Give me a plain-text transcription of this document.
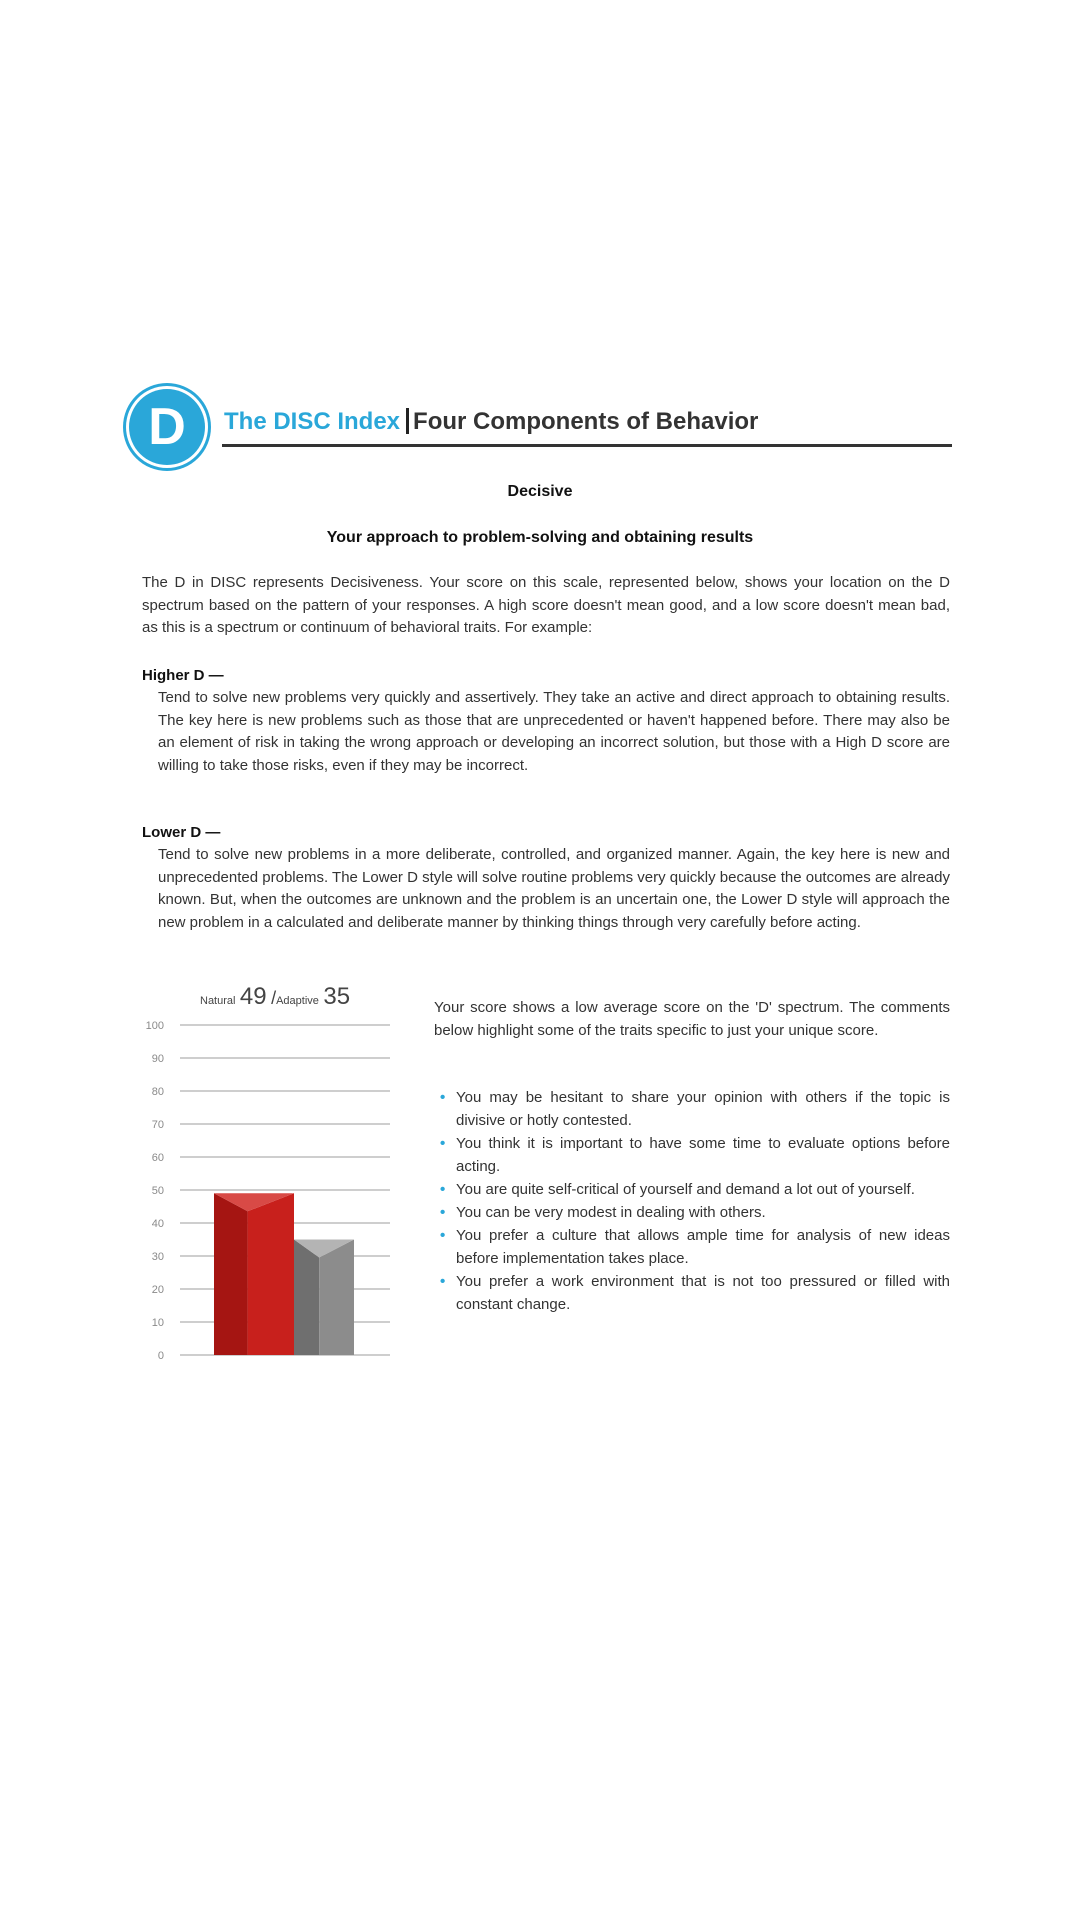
D	The DISC Index Four Components of Behavior
Decisive
Your approach to problem-solving and obtaining results
The D in DISC represents Decisiveness. Your score on this scale, represented below, shows your location on the D spectrum based on the pattern of your responses. A high score doesn't mean good, and a low score doesn't mean bad, as this is a spectrum or continuum of behavioral traits. For example:
Higher D —
Tend to solve new problems very quickly and assertively. They take an active and direct approach to obtaining results. The key here is new problems such as those that are unprecedented or haven't happened before. There may also be an element of risk in taking the wrong approach or developing an incorrect solution, but those with a High D score are willing to take those risks, even if they may be incorrect.
Lower D —
Tend to solve new problems in a more deliberate, controlled, and organized manner. Again, the key here is new and unprecedented problems. The Lower D style will solve routine problems very quickly because the outcomes are already known. But, when the outcomes are unknown and the problem is an uncertain one, the Lower D style will approach the new problem in a calculated and deliberate manner by thinking things through very carefully before acting.
Natural 49 /Adaptive 35
0
10
20
30
40
50
60
70
80
90
100
Your score shows a low average score on the 'D' spectrum. The comments below highlight some of the traits specific to just your unique score.
• You may be hesitant to share your opinion with others if the topic is divisive or hotly contested.
• You think it is important to have some time to evaluate options before acting.
• You are quite self-critical of yourself and demand a lot out of yourself.
• You can be very modest in dealing with others.
• You prefer a culture that allows ample time for analysis of new ideas before implementation takes place.
• You prefer a work environment that is not too pressured or filled with constant change.
